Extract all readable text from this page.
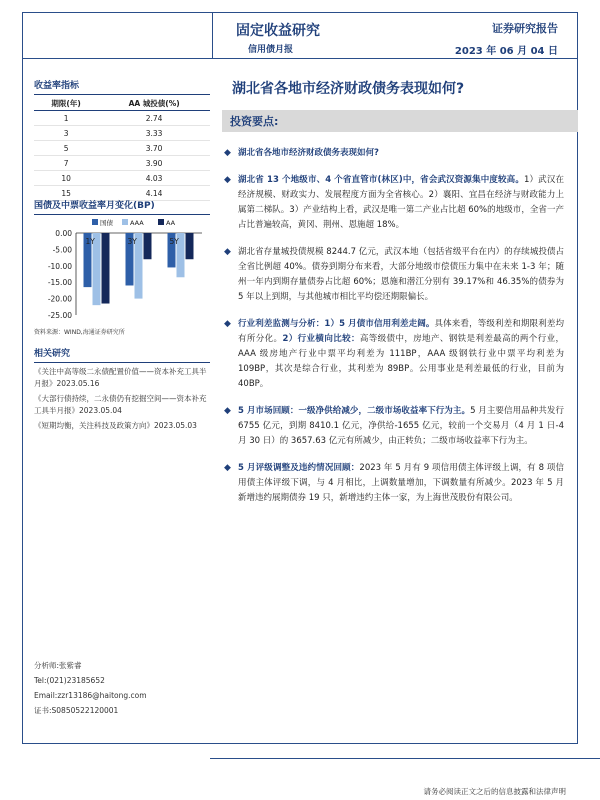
固定收益研究
信用债月报
证券研究报告
2023 年 06 月 04 日
收益率指标
期限(年)	AA 城投债(%)
1	2.74
3	3.33
5	3.70
7	3.90
10	4.03
15	4.14
国债及中票收益率月变化(BP)
国债	AAA	AA
0.00
-5.00
-10.00
-15.00
-20.00
-25.00
1Y	3Y	5Y
资料来源：WIND,海通证券研究所
相关研究
《关注中高等级二永债配置价值——资本补充工具半月报》2023.05.16
《大部行债持续，二永债仍有挖掘空间——资本补充工具半月报》2023.05.04
《短期均衡，关注科技及政策方向》2023.05.03
分析师:张紫睿
Tel:(021)23185652
Email:zzr13186@haitong.com
证书:S0850522120001
湖北省各地市经济财政债务表现如何?
投资要点:
◆ 湖北省各地市经济财政债务表现如何?
◆ 湖北省 13 个地级市、4 个省直管市(林区)中，省会武汉资源集中度较高。1）武汉在经济规模、财政实力、发展程度方面为全省核心。2）襄阳、宜昌在经济与财政能力上属第二梯队。3）产业结构上看，武汉是唯一第二产业占比超 60%的地级市，全省一产占比普遍较高，黄冈、荆州、恩施超 18%。
◆ 湖北省存量城投债规模 8244.7 亿元，武汉本地（包括省级平台在内）的存续城投债占全省比例超 40%。债券到期分布来看，大部分地级市偿债压力集中在未来 1-3 年；随州一年内到期存量债券占比超 60%；恩施和潜江分别有 39.17%和 46.35%的债券为 5 年以上到期，与其他城市相比平均偿还期限偏长。
◆ 行业利差监测与分析：1）5 月债市信用利差走阔。具体来看，等级利差和期限利差均有所分化。2）行业横向比较：高等级债中，房地产、钢铁是利差最高的两个行业，AAA 级房地产行业中票平均利差为 111BP，AAA 级钢铁行业中票平均利差为 109BP，其次是综合行业，其利差为 89BP。公用事业是利差最低的行业，目前为 40BP。
◆ 5 月市场回顾：一级净供给减少，二级市场收益率下行为主。5 月主要信用品种共发行 6755 亿元，到期 8410.1 亿元，净供给-1655 亿元，较前一个交易月（4 月 1 日-4 月 30 日）的 3657.63 亿元有所减少，由正转负；二级市场收益率下行为主。
◆ 5 月评级调整及违约情况回顾：2023 年 5 月有 9 项信用债主体评级上调，有 8 项信用债主体评级下调，与 4 月相比，上调数量增加，下调数量有所减少。2023 年 5 月新增违约展期债券 19 只，新增违约主体一家，为上海世茂股份有限公司。
请务必阅读正文之后的信息披露和法律声明
